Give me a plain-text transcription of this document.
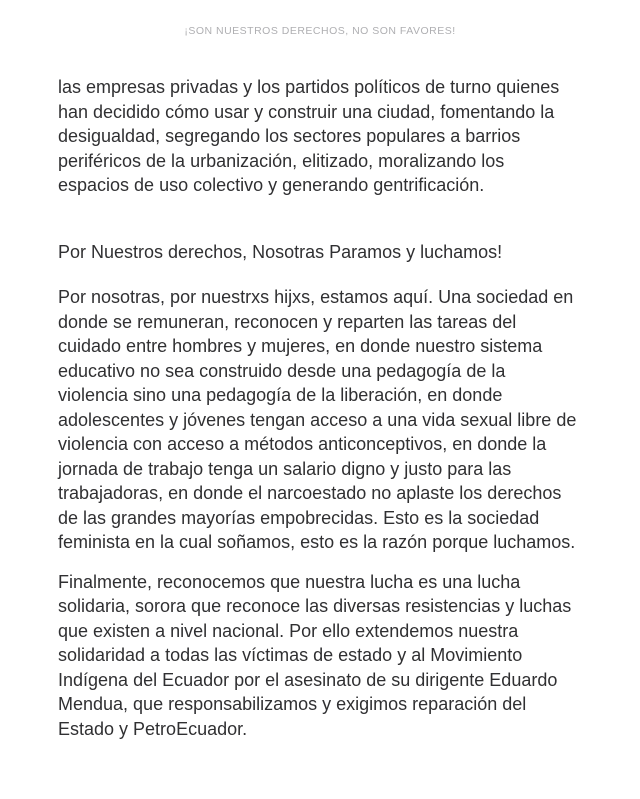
¡SON NUESTROS DERECHOS, NO SON FAVORES!
las empresas privadas y los partidos políticos de turno quienes
han decidido cómo usar y construir una ciudad, fomentando la
desigualdad, segregando los sectores populares a barrios
periféricos de la urbanización, elitizado, moralizando los
espacios de uso colectivo y generando gentrificación.
Por Nuestros derechos, Nosotras Paramos y luchamos!
Por nosotras, por nuestrxs hijxs, estamos aquí. Una sociedad en
donde se remuneran, reconocen y reparten las tareas del
cuidado entre hombres y mujeres, en donde nuestro sistema
educativo no sea construido desde una pedagogía de la
violencia sino una pedagogía de la liberación, en donde
adolescentes y jóvenes tengan acceso a una vida sexual libre de
violencia con acceso a métodos anticonceptivos, en donde la
jornada de trabajo tenga un salario digno y justo para las
trabajadoras, en donde el narcoestado no aplaste los derechos
de las grandes mayorías empobrecidas. Esto es la sociedad
feminista en la cual soñamos, esto es la razón porque luchamos.
Finalmente, reconocemos que nuestra lucha es una lucha
solidaria, sorora que reconoce las diversas resistencias y luchas
que existen a nivel nacional. Por ello extendemos nuestra
solidaridad a todas las víctimas de estado y al Movimiento
Indígena del Ecuador por el asesinato de su dirigente Eduardo
Mendua, que responsabilizamos y exigimos reparación del
Estado y PetroEcuador.
